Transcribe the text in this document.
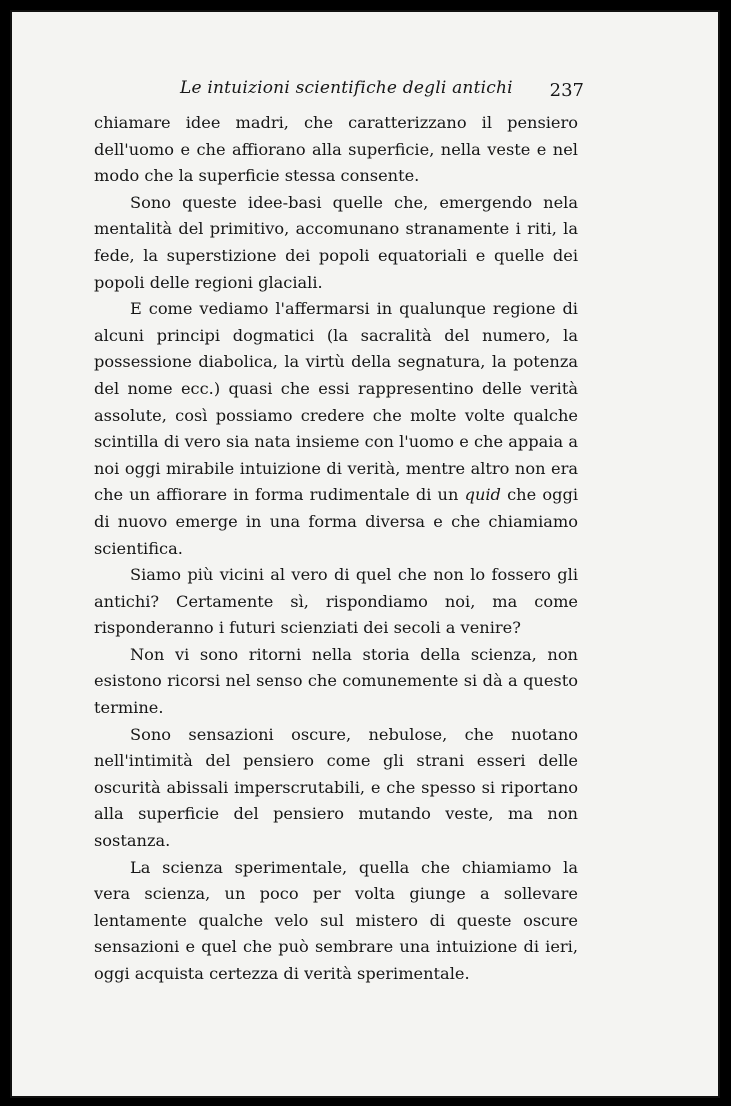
Le intuizioni scientifiche degli antichi 237

chiamare idee madri, che caratterizzano il pensiero dell'uomo e che affiorano alla superficie, nella veste e nel modo che la superficie stessa consente.

Sono queste idee-basi quelle che, emergendo nela mentalità del primitivo, accomunano stranamente i riti, la fede, la superstizione dei popoli equatoriali e quelle dei popoli delle regioni glaciali.

E come vediamo l'affermarsi in qualunque regione di alcuni principi dogmatici (la sacralità del numero, la possessione diabolica, la virtù della segnatura, la potenza del nome ecc.) quasi che essi rappresentino delle verità assolute, così possiamo credere che molte volte qualche scintilla di vero sia nata insieme con l'uomo e che appaia a noi oggi mirabile intuizione di verità, mentre altro non era che un affiorare in forma rudimentale di un quid che oggi di nuovo emerge in una forma diversa e che chiamiamo scientifica.

Siamo più vicini al vero di quel che non lo fossero gli antichi? Certamente sì, rispondiamo noi, ma come risponderanno i futuri scienziati dei secoli a venire?

Non vi sono ritorni nella storia della scienza, non esistono ricorsi nel senso che comunemente si dà a questo termine.

Sono sensazioni oscure, nebulose, che nuotano nell'intimità del pensiero come gli strani esseri delle oscurità abissali imperscrutabili, e che spesso si riportano alla superficie del pensiero mutando veste, ma non sostanza.

La scienza sperimentale, quella che chiamiamo la vera scienza, un poco per volta giunge a sollevare lentamente qualche velo sul mistero di queste oscure sensazioni e quel che può sembrare una intuizione di ieri, oggi acquista certezza di verità sperimentale.
